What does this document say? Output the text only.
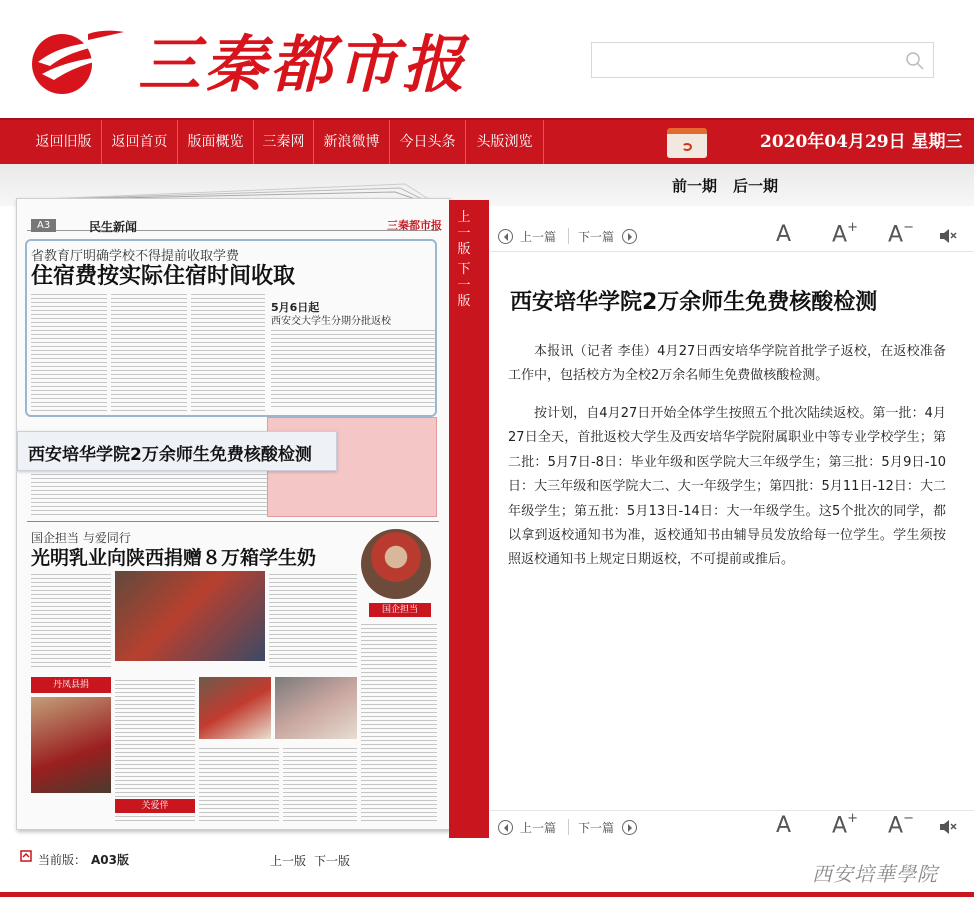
三秦都市报
返回旧版	返回首页	版面概览	三秦网	新浪微博	今日头条	头版浏览	2020年04月29日 星期三
前一期 后一期
A3	民生新闻	三秦都市报
省教育厅明确学校不得提前收取学费
住宿费按实际住宿时间收取
5月6日起
西安交大学生分期分批返校
西安培华学院2万余师生免费核酸检测
国企担当 与爱同行
光明乳业向陕西捐赠８万箱学生奶
国企担当
丹凤县捐
关爱伴
上
一
版
下
一
版
当前版： A03版	上一版 下一版
上一篇 下一篇	A A+ A−
西安培华学院2万余师生免费核酸检测
本报讯（记者 李佳）4月27日西安培华学院首批学子返校，在返校准备工作中，包括校方为全校2万余名师生免费做核酸检测。
按计划，自4月27日开始全体学生按照五个批次陆续返校。第一批：4月27日全天，首批返校大学生及西安培华学院附属职业中等专业学校学生；第二批：5月7日-8日：毕业年级和医学院大三年级学生；第三批：5月9日-10日：大三年级和医学院大二、大一年级学生；第四批：5月11日-12日：大二年级学生；第五批：5月13日-14日：大一年级学生。这5个批次的同学，都以拿到返校通知书为准，返校通知书由辅导员发放给每一位学生。学生须按照返校通知书上规定日期返校，不可提前或推后。
上一篇 下一篇	A A+ A−
西安培華學院
